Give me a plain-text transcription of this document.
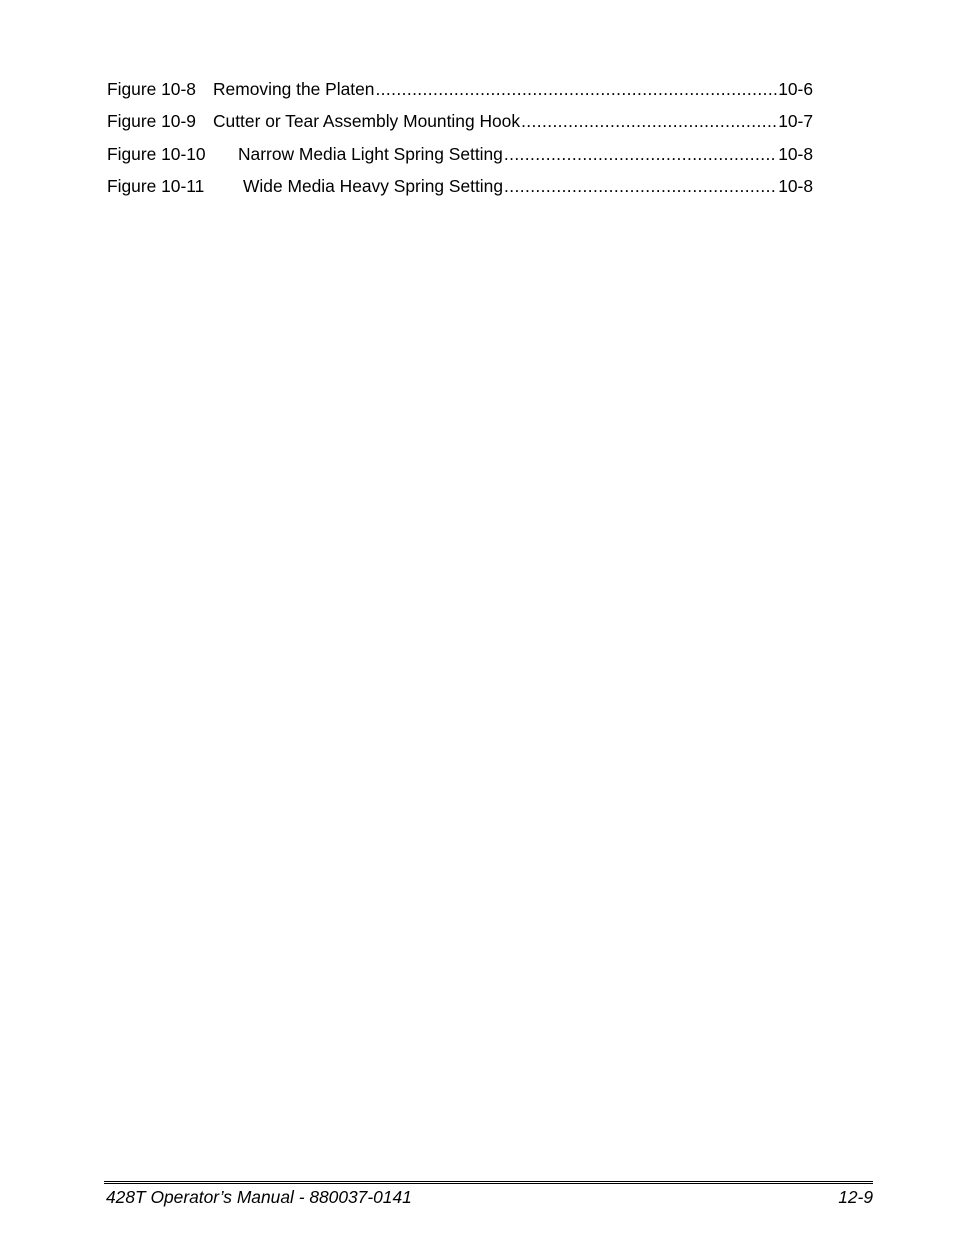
Figure 10-8 Removing the Platen .....	10-6
Figure 10-9 Cutter or Tear Assembly Mounting Hook .....	10-7
Figure 10-10 Narrow Media Light Spring Setting .....	10-8
Figure 10-11 Wide Media Heavy Spring Setting .....	10-8
428T Operator’s Manual - 880037-0141	12-9
